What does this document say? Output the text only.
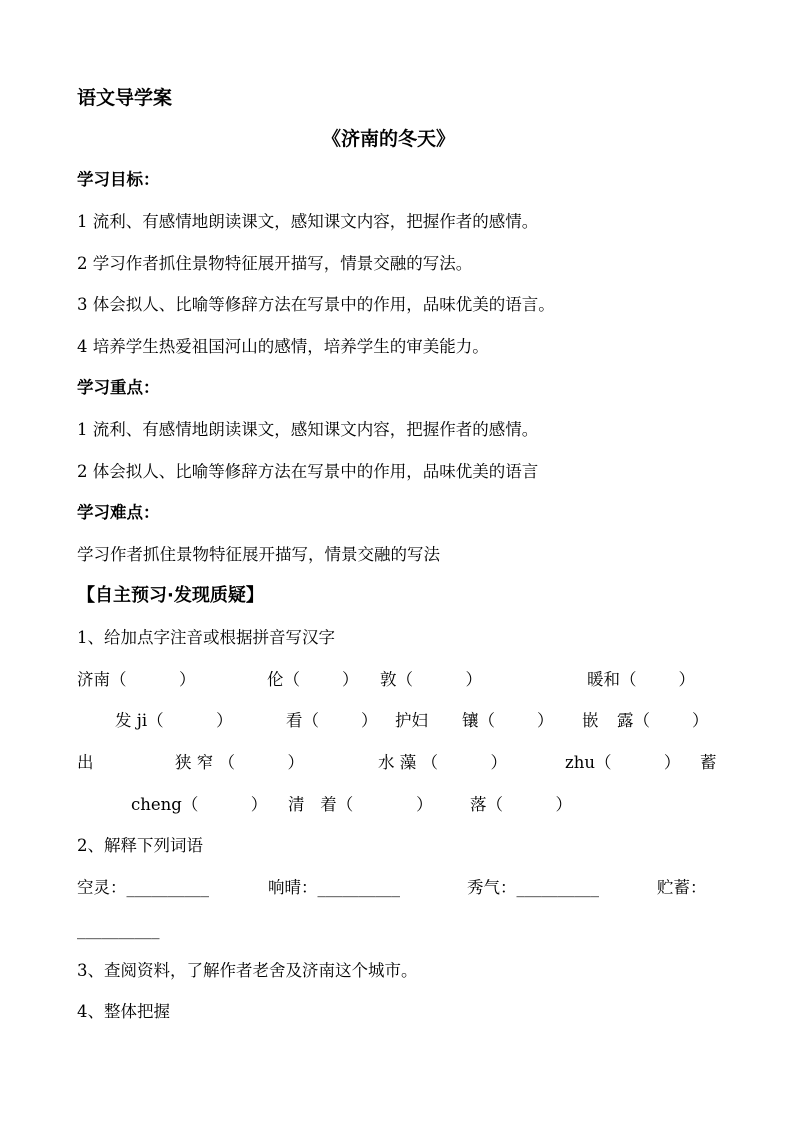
语文导学案
《济南的冬天》
学习目标：
1 流利、有感情地朗读课文，感知课文内容，把握作者的感情。
2 学习作者抓住景物特征展开描写，情景交融的写法。
3 体会拟人、比喻等修辞方法在写景中的作用，品味优美的语言。
4 培养学生热爱祖国河山的感情，培养学生的审美能力。
学习重点：
1 流利、有感情地朗读课文，感知课文内容，把握作者的感情。
2 体会拟人、比喻等修辞方法在写景中的作用，品味优美的语言
学习难点：
学习作者抓住景物特征展开描写，情景交融的写法
【自主预习·发现质疑】
1、给加点字注音或根据拼音写汉字
济南（          ）	伦（        ） 敦（          ）	暖和（        ）
发 ji（          ）	看（        ） 护妇 镶（        ） 嵌 露（        ）
出	狭 窄 （          ）	水 藻 （          ）	zhu（          ） 蓄
cheng（          ） 清   着（            ） 落（          ）
2、解释下列词语
空灵：__________	响晴：__________	秀气：__________	贮蓄：
__________
3、查阅资料，了解作者老舍及济南这个城市。
4、整体把握
